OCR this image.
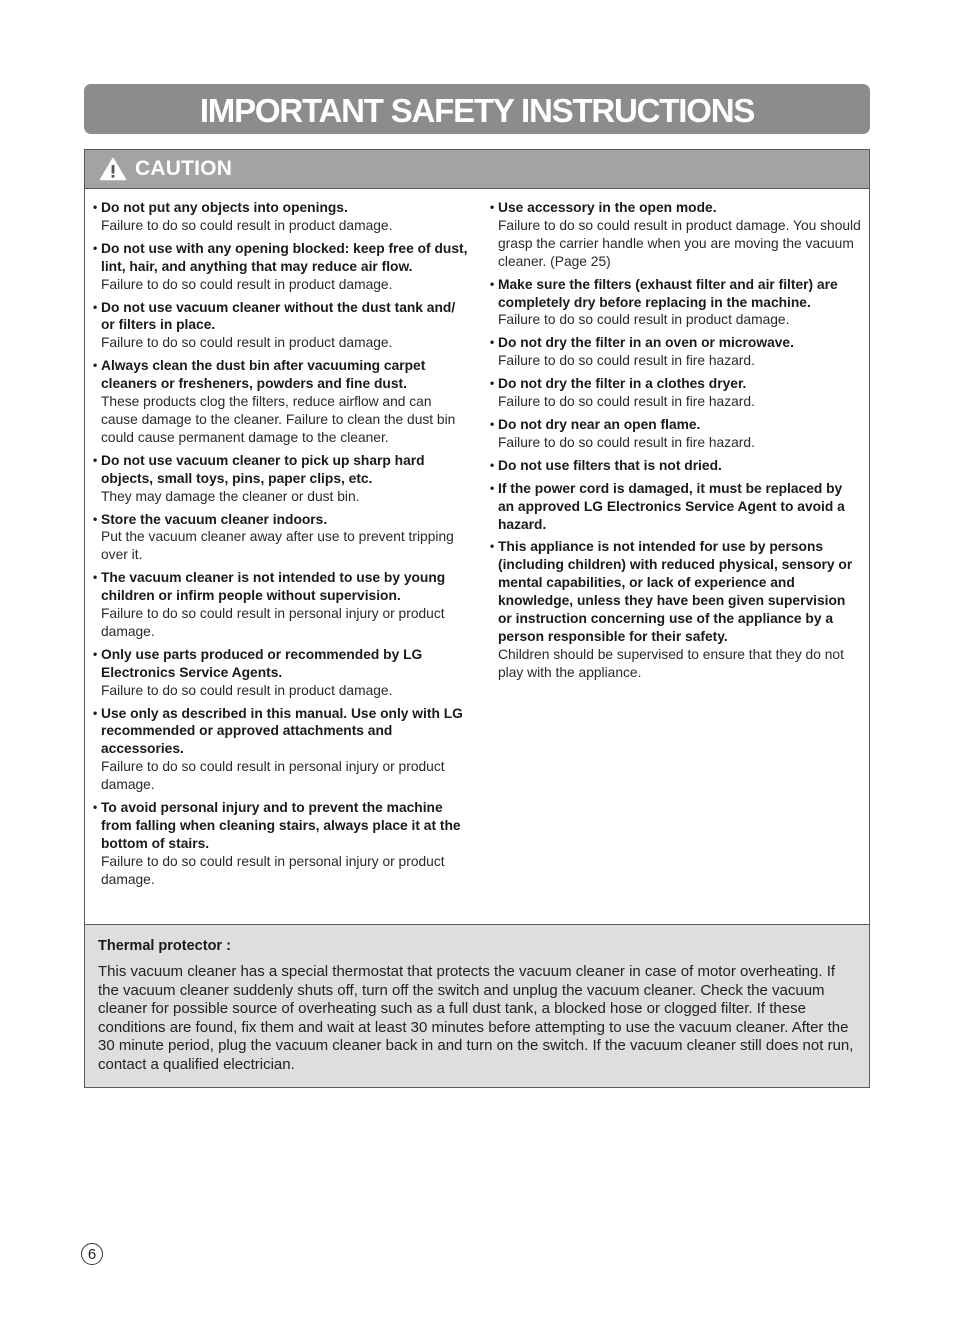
IMPORTANT SAFETY INSTRUCTIONS
CAUTION
• Do not put any objects into openings.
Failure to do so could result in product damage.
• Do not use with any opening blocked: keep free of dust, lint, hair, and anything that may reduce air flow.
Failure to do so could result in product damage.
• Do not use vacuum cleaner without the dust tank and/ or filters in place.
Failure to do so could result in product damage.
• Always clean the dust bin after vacuuming carpet cleaners or fresheners, powders and fine dust.
These products clog the filters, reduce airflow and can cause damage to the cleaner. Failure to clean the dust bin could cause permanent damage to the cleaner.
• Do not use vacuum cleaner to pick up sharp hard objects, small toys, pins, paper clips, etc.
They may damage the cleaner or dust bin.
• Store the vacuum cleaner indoors.
Put the vacuum cleaner away after use to prevent tripping over it.
• The vacuum cleaner is not intended to use by young children or infirm people without supervision.
Failure to do so could result in personal injury or product damage.
• Only use parts produced or recommended by LG Electronics Service Agents.
Failure to do so could result in product damage.
• Use only as described in this manual. Use only with LG recommended or approved attachments and accessories.
Failure to do so could result in personal injury or product damage.
• To avoid personal injury and to prevent the machine from falling when cleaning stairs, always place it at the bottom of stairs.
Failure to do so could result in personal injury or product damage.
• Use accessory in the open mode.
Failure to do so could result in product damage. You should grasp the carrier handle when you are moving the vacuum cleaner. (Page 25)
• Make sure the filters (exhaust filter and air filter) are completely dry before replacing in the machine.
Failure to do so could result in product damage.
• Do not dry the filter in an oven or microwave.
Failure to do so could result in fire hazard.
• Do not dry the filter in a clothes dryer.
Failure to do so could result in fire hazard.
• Do not dry near an open flame.
Failure to do so could result in fire hazard.
• Do not use filters that is not dried.
• If the power cord is damaged, it must be replaced by an approved LG Electronics Service Agent to avoid a hazard.
• This appliance is not intended for use by persons (including children) with reduced physical, sensory or mental capabilities, or lack of experience and knowledge, unless they have been given supervision or instruction concerning use of the appliance by a person responsible for their safety.
Children should be supervised to ensure that they do not play with the appliance.
Thermal protector :
This vacuum cleaner has a special thermostat that protects the vacuum cleaner in case of motor overheating. If the vacuum cleaner suddenly shuts off, turn off the switch and unplug the vacuum cleaner. Check the vacuum cleaner for possible source of overheating such as a full dust tank, a blocked hose or clogged filter. If these conditions are found, fix them and wait at least 30 minutes before attempting to use the vacuum cleaner. After the 30 minute period, plug the vacuum cleaner back in and turn on the switch. If the vacuum cleaner still does not run, contact a qualified electrician.
6
